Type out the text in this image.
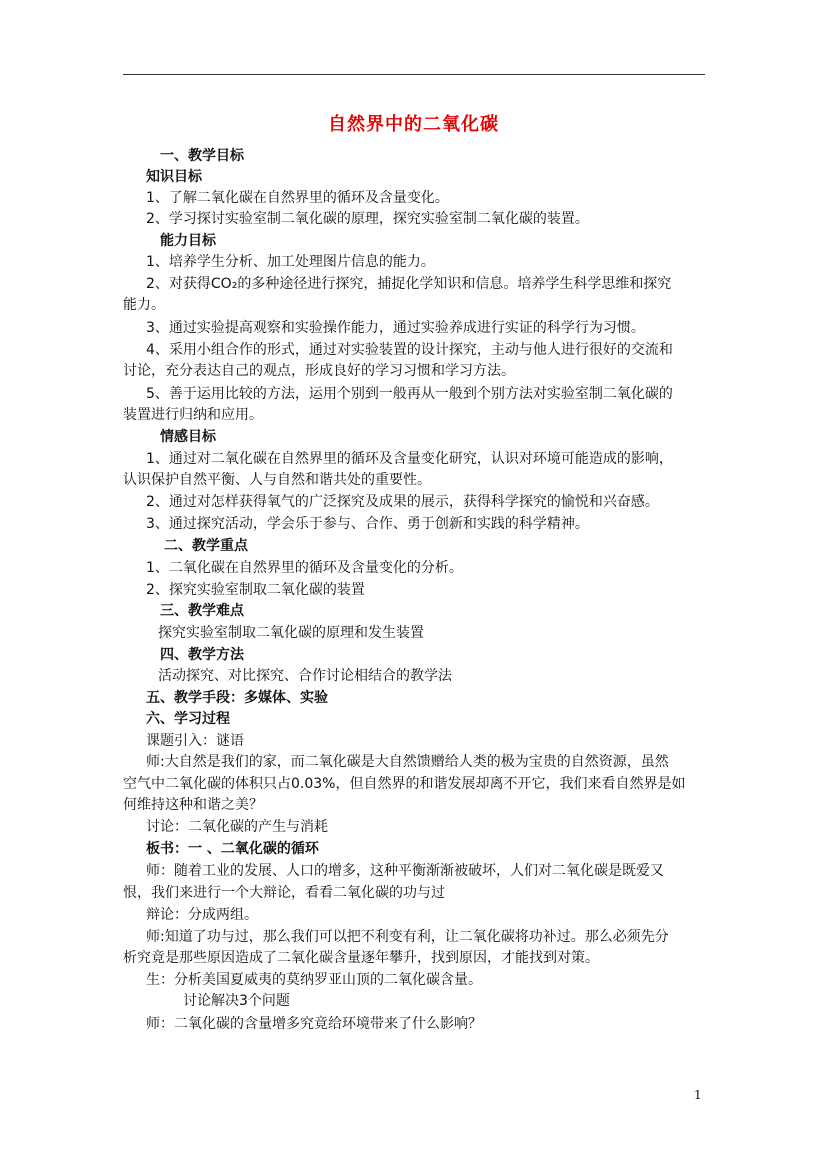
自然界中的二氧化碳
一、教学目标
知识目标
1、了解二氧化碳在自然界里的循环及含量变化。
2、学习探讨实验室制二氧化碳的原理，探究实验室制二氧化碳的装置。
能力目标
1、培养学生分析、加工处理图片信息的能力。
2、对获得CO₂的多种途径进行探究，捕捉化学知识和信息。培养学生科学思维和探究
能力。
3、通过实验提高观察和实验操作能力，通过实验养成进行实证的科学行为习惯。
4、采用小组合作的形式，通过对实验装置的设计探究，主动与他人进行很好的交流和
讨论，充分表达自己的观点，形成良好的学习习惯和学习方法。
5、善于运用比较的方法，运用个别到一般再从一般到个别方法对实验室制二氧化碳的
装置进行归纳和应用。
情感目标
1、通过对二氧化碳在自然界里的循环及含量变化研究，认识对环境可能造成的影响，
认识保护自然平衡、人与自然和谐共处的重要性。
2、通过对怎样获得氧气的广泛探究及成果的展示，获得科学探究的愉悦和兴奋感。
3、通过探究活动，学会乐于参与、合作、勇于创新和实践的科学精神。
二、教学重点
1、二氧化碳在自然界里的循环及含量变化的分析。
2、探究实验室制取二氧化碳的装置
三、教学难点
探究实验室制取二氧化碳的原理和发生装置
四、教学方法
活动探究、对比探究、合作讨论相结合的教学法
五、教学手段：多媒体、实验
六、学习过程
课题引入：谜语
师:大自然是我们的家，而二氧化碳是大自然馈赠给人类的极为宝贵的自然资源，虽然
空气中二氧化碳的体积只占0.03%，但自然界的和谐发展却离不开它，我们来看自然界是如
何维持这种和谐之美？
讨论：二氧化碳的产生与消耗
板书：一 、二氧化碳的循环
师：随着工业的发展、人口的增多，这种平衡渐渐被破坏，人们对二氧化碳是既爱又
恨，我们来进行一个大辩论，看看二氧化碳的功与过
辩论：分成两组。
师:知道了功与过，那么我们可以把不利变有利，让二氧化碳将功补过。那么必须先分
析究竟是那些原因造成了二氧化碳含量逐年攀升，找到原因，才能找到对策。
生：分析美国夏威夷的莫纳罗亚山顶的二氧化碳含量。
讨论解决3个问题
师：二氧化碳的含量增多究竟给环境带来了什么影响？
1
